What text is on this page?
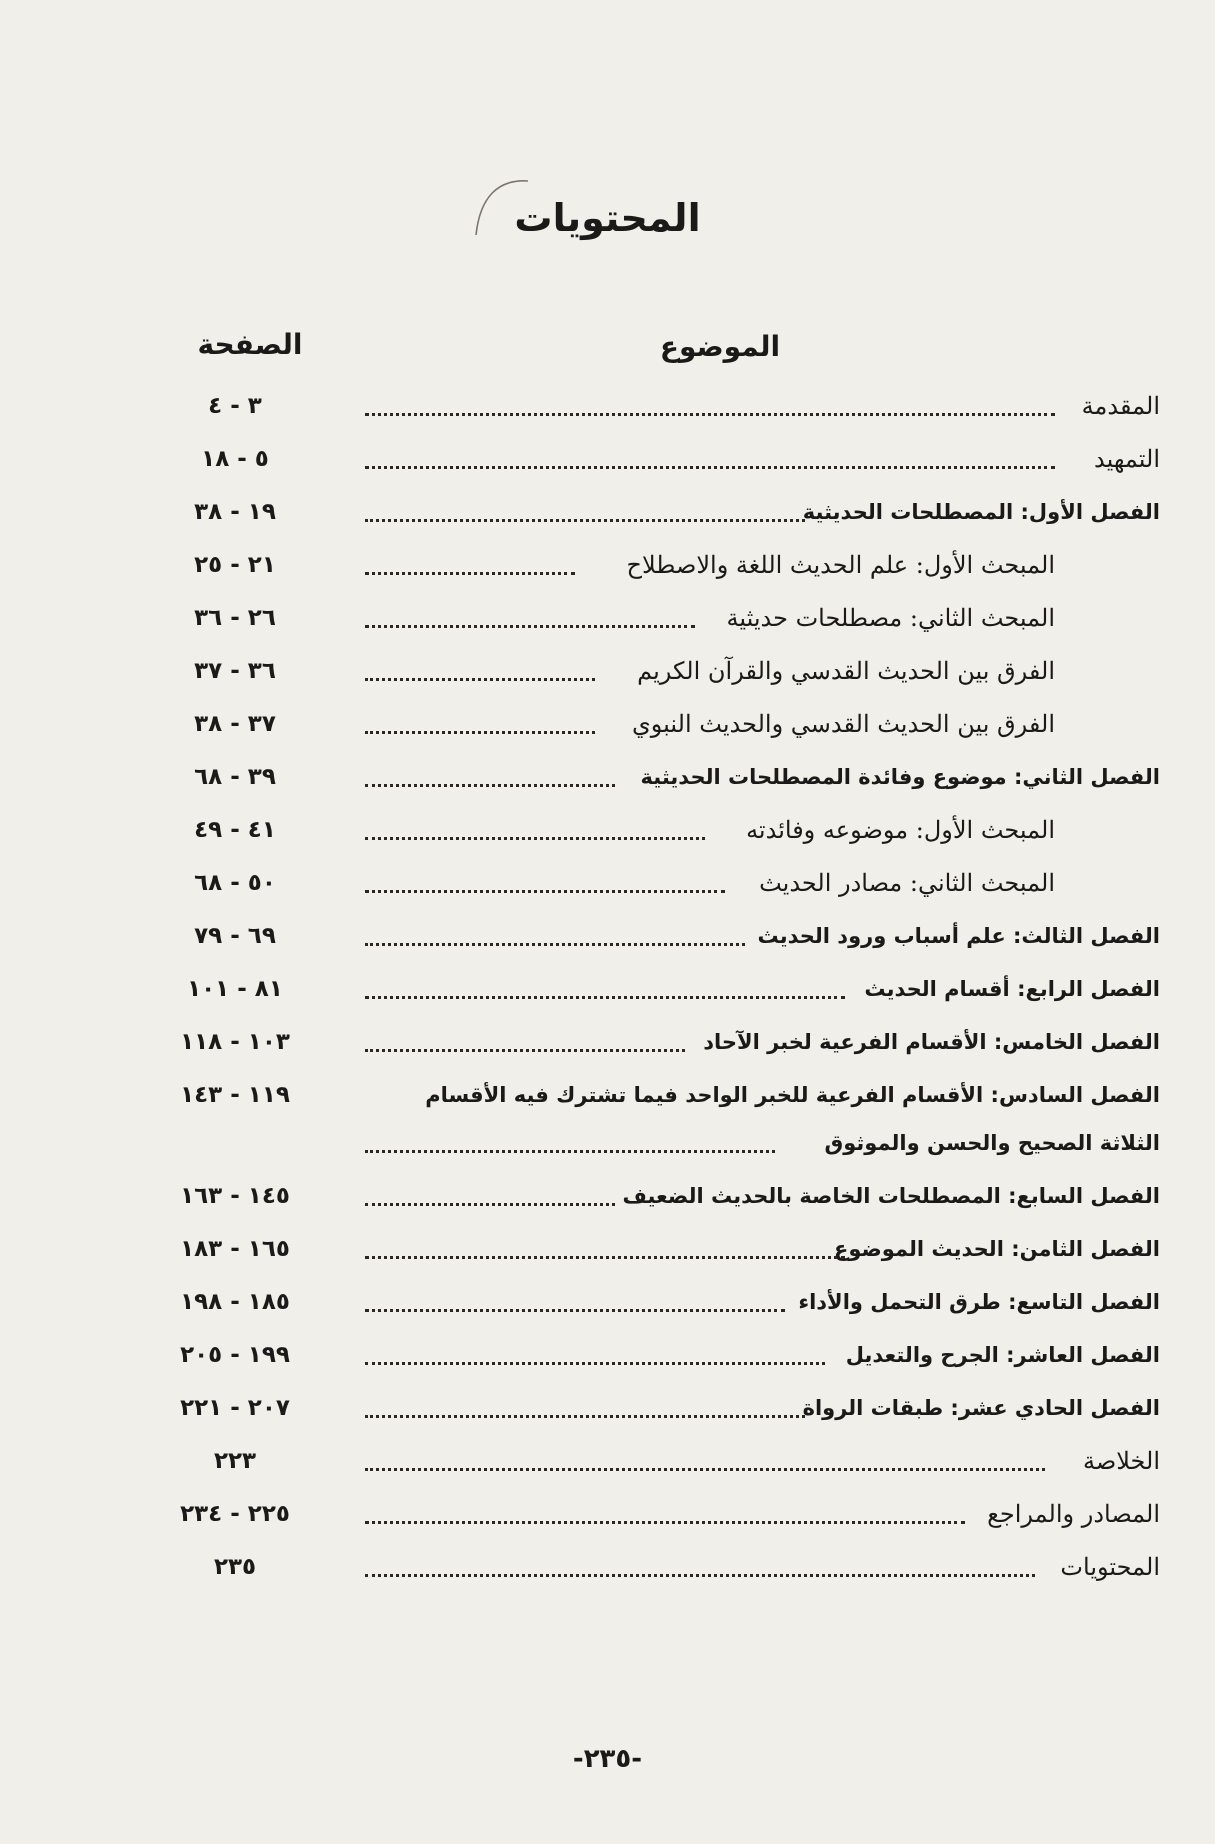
المحتويات
الموضوع
الصفحة
المقدمة
٣ - ٤
التمهيد
٥ - ١٨
الفصل الأول: المصطلحات الحديثية
١٩ - ٣٨
المبحث الأول: علم الحديث اللغة والاصطلاح
٢١ - ٢٥
المبحث الثاني: مصطلحات حديثية
٢٦ - ٣٦
الفرق بين الحديث القدسي والقرآن الكريم
٣٦ - ٣٧
الفرق بين الحديث القدسي والحديث النبوي
٣٧ - ٣٨
الفصل الثاني: موضوع وفائدة المصطلحات الحديثية
٣٩ - ٦٨
المبحث الأول: موضوعه وفائدته
٤١ - ٤٩
المبحث الثاني: مصادر الحديث
٥٠ - ٦٨
الفصل الثالث: علم أسباب ورود الحديث
٦٩ - ٧٩
الفصل الرابع: أقسام الحديث
٨١ - ١٠١
الفصل الخامس: الأقسام الفرعية لخبر الآحاد
١٠٣ - ١١٨
الفصل السادس: الأقسام الفرعية للخبر الواحد فيما تشترك فيه الأقسام
١١٩ - ١٤٣
الثلاثة الصحيح والحسن والموثوق
الفصل السابع: المصطلحات الخاصة بالحديث الضعيف
١٤٥ - ١٦٣
الفصل الثامن: الحديث الموضوع
١٦٥ - ١٨٣
الفصل التاسع: طرق التحمل والأداء
١٨٥ - ١٩٨
الفصل العاشر: الجرح والتعديل
١٩٩ - ٢٠٥
الفصل الحادي عشر: طبقات الرواة
٢٠٧ - ٢٢١
الخلاصة
٢٢٣
المصادر والمراجع
٢٢٥ - ٢٣٤
المحتويات
٢٣٥
-٢٣٥-
